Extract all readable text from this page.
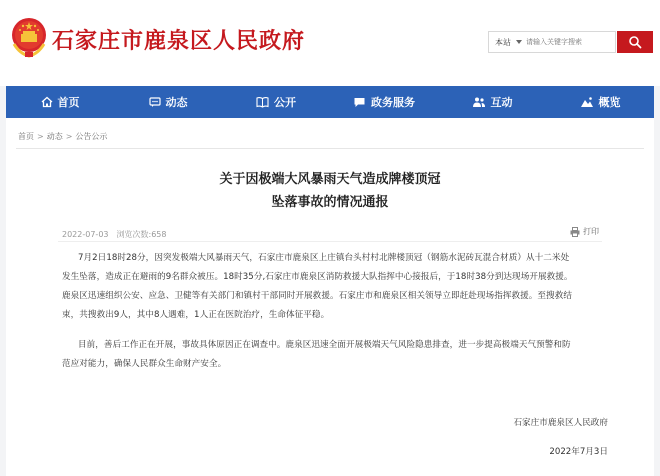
石家庄市鹿泉区人民政府	本站
请输入关键字搜索
首页	动态	公开	政务服务	互动	概览
首页 > 动态 > 公告公示
关于因极端大风暴雨天气造成牌楼顶冠
坠落事故的情况通报
2022-07-03 浏览次数:658	打印
7月2日18时28分，因突发极端大风暴雨天气，石家庄市鹿泉区上庄镇台头村村北牌楼顶冠（钢筋水泥砖瓦混合材质）从十二米处
发生坠落，造成正在避雨的9名群众被压。18时35分,石家庄市鹿泉区消防救援大队指挥中心接报后，于18时38分到达现场开展救援。
鹿泉区迅速组织公安、应急、卫健等有关部门和镇村干部同时开展救援。石家庄市和鹿泉区相关领导立即赶赴现场指挥救援。至搜救结
束，共搜救出9人，其中8人遇难，1人正在医院治疗，生命体征平稳。
目前，善后工作正在开展，事故具体原因正在调查中。鹿泉区迅速全面开展极端天气风险隐患排查，进一步提高极端天气预警和防
范应对能力，确保人民群众生命财产安全。
石家庄市鹿泉区人民政府
2022年7月3日
